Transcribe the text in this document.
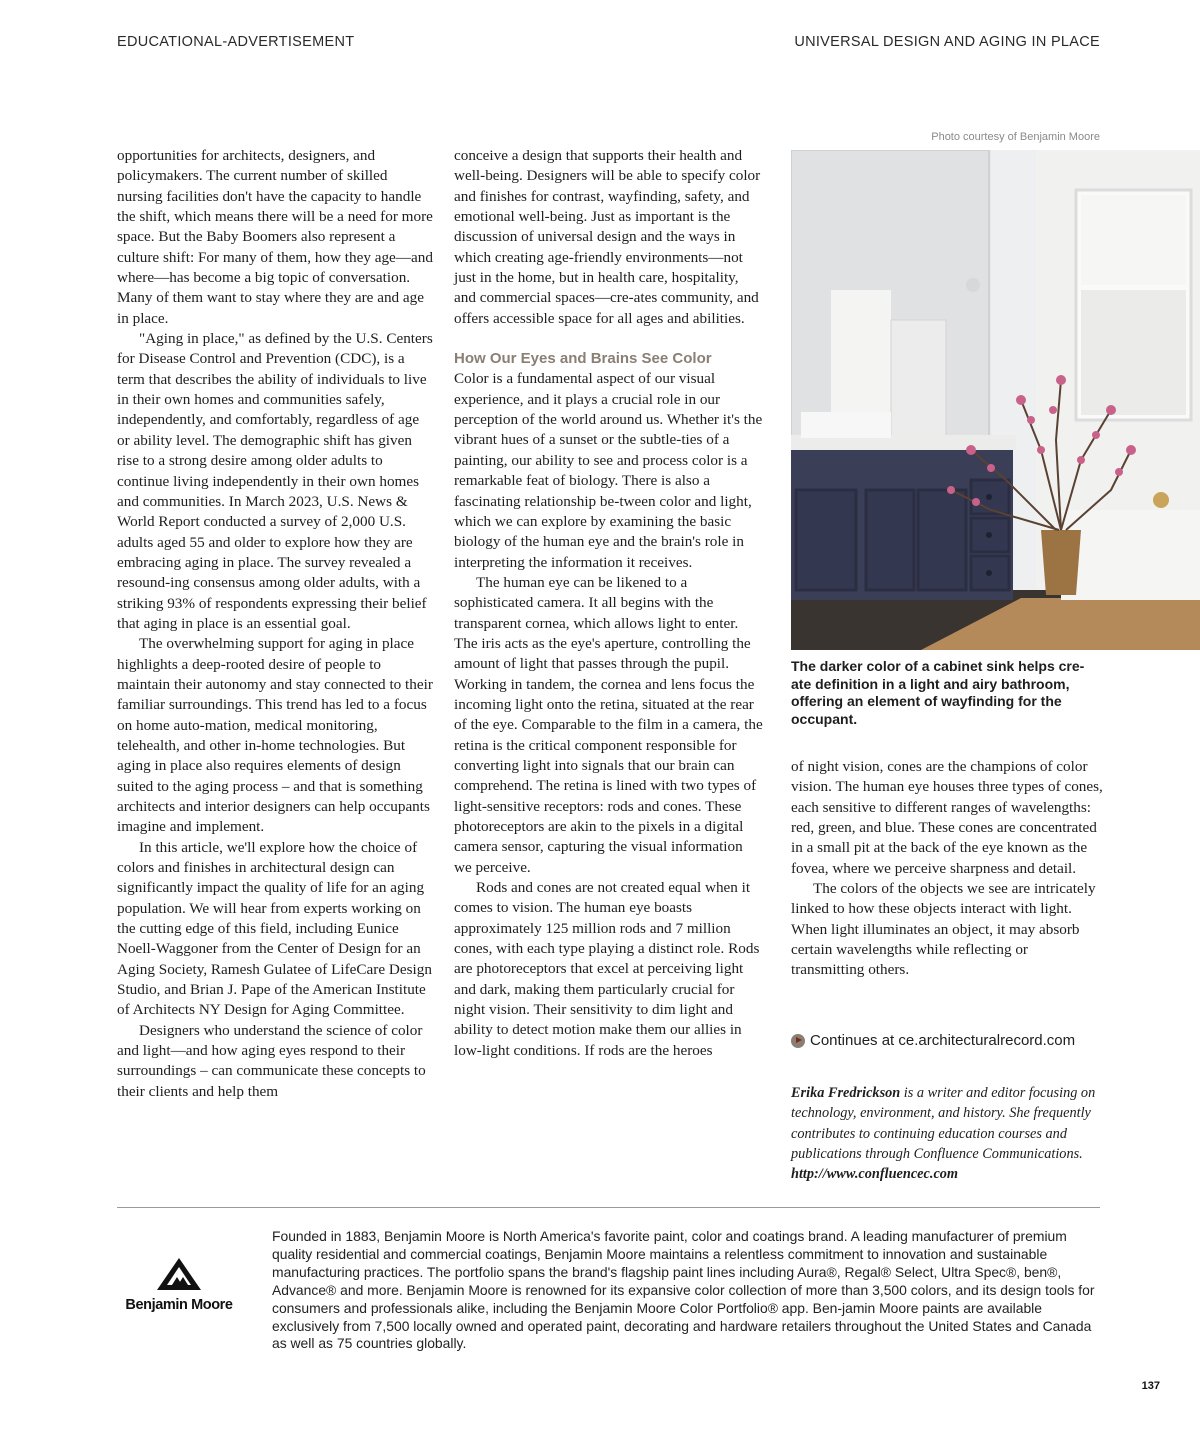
EDUCATIONAL-ADVERTISEMENT	UNIVERSAL DESIGN AND AGING IN PLACE

opportunities for architects, designers, and policymakers. The current number of skilled nursing facilities don't have the capacity to handle the shift, which means there will be a need for more space. But the Baby Boomers also represent a culture shift: For many of them, how they age—and where—has become a big topic of conversation. Many of them want to stay where they are and age in place.

"Aging in place," as defined by the U.S. Centers for Disease Control and Prevention (CDC), is a term that describes the ability of individuals to live in their own homes and communities safely, independently, and comfortably, regardless of age or ability level. The demographic shift has given rise to a strong desire among older adults to continue living independently in their own homes and communities. In March 2023, U.S. News & World Report conducted a survey of 2,000 U.S. adults aged 55 and older to explore how they are embracing aging in place. The survey revealed a resound-ing consensus among older adults, with a striking 93% of respondents expressing their belief that aging in place is an essential goal.

The overwhelming support for aging in place highlights a deep-rooted desire of people to maintain their autonomy and stay connected to their familiar surroundings. This trend has led to a focus on home auto-mation, medical monitoring, telehealth, and other in-home technologies. But aging in place also requires elements of design suited to the aging process – and that is something architects and interior designers can help occupants imagine and implement.

In this article, we'll explore how the choice of colors and finishes in architectural design can significantly impact the quality of life for an aging population. We will hear from experts working on the cutting edge of this field, including Eunice Noell-Waggoner from the Center of Design for an Aging Society, Ramesh Gulatee of LifeCare Design Studio, and Brian J. Pape of the American Institute of Architects NY Design for Aging Committee.

Designers who understand the science of color and light—and how aging eyes respond to their surroundings – can communicate these concepts to their clients and help them

conceive a design that supports their health and well-being. Designers will be able to specify color and finishes for contrast, wayfinding, safety, and emotional well-being. Just as important is the discussion of universal design and the ways in which creating age-friendly environments—not just in the home, but in health care, hospitality, and commercial spaces—cre-ates community, and offers accessible space for all ages and abilities.

How Our Eyes and Brains See Color

Color is a fundamental aspect of our visual experience, and it plays a crucial role in our perception of the world around us. Whether it's the vibrant hues of a sunset or the subtle-ties of a painting, our ability to see and process color is a remarkable feat of biology. There is also a fascinating relationship be-tween color and light, which we can explore by examining the basic biology of the human eye and the brain's role in interpreting the information it receives.

The human eye can be likened to a sophisticated camera. It all begins with the transparent cornea, which allows light to enter. The iris acts as the eye's aperture, controlling the amount of light that passes through the pupil. Working in tandem, the cornea and lens focus the incoming light onto the retina, situated at the rear of the eye. Comparable to the film in a camera, the retina is the critical component responsible for converting light into signals that our brain can comprehend. The retina is lined with two types of light-sensitive receptors: rods and cones. These photoreceptors are akin to the pixels in a digital camera sensor, capturing the visual information we perceive.

Rods and cones are not created equal when it comes to vision. The human eye boasts approximately 125 million rods and 7 million cones, with each type playing a distinct role. Rods are photoreceptors that excel at perceiving light and dark, making them particularly crucial for night vision. Their sensitivity to dim light and ability to detect motion make them our allies in low-light conditions. If rods are the heroes

Photo courtesy of Benjamin Moore
The darker color of a cabinet sink helps cre-ate definition in a light and airy bathroom, offering an element of wayfinding for the occupant.

of night vision, cones are the champions of color vision. The human eye houses three types of cones, each sensitive to different ranges of wavelengths: red, green, and blue. These cones are concentrated in a small pit at the back of the eye known as the fovea, where we perceive sharpness and detail.

The colors of the objects we see are intricately linked to how these objects interact with light. When light illuminates an object, it may absorb certain wavelengths while reflecting or transmitting others.

Continues at ce.architecturalrecord.com
Erika Fredrickson is a writer and editor focusing on technology, environment, and history. She frequently contributes to continuing education courses and publications through Confluence Communications. http://www.confluencec.com
Benjamin Moore
Founded in 1883, Benjamin Moore is North America's favorite paint, color and coatings brand. A leading manufacturer of premium quality residential and commercial coatings, Benjamin Moore maintains a relentless commitment to innovation and sustainable manufacturing practices. The portfolio spans the brand's flagship paint lines including Aura®, Regal® Select, Ultra Spec®, ben®, Advance® and more. Benjamin Moore is renowned for its expansive color collection of more than 3,500 colors, and its design tools for consumers and professionals alike, including the Benjamin Moore Color Portfolio® app. Ben-jamin Moore paints are available exclusively from 7,500 locally owned and operated paint, decorating and hardware retailers throughout the United States and Canada as well as 75 countries globally.
137
